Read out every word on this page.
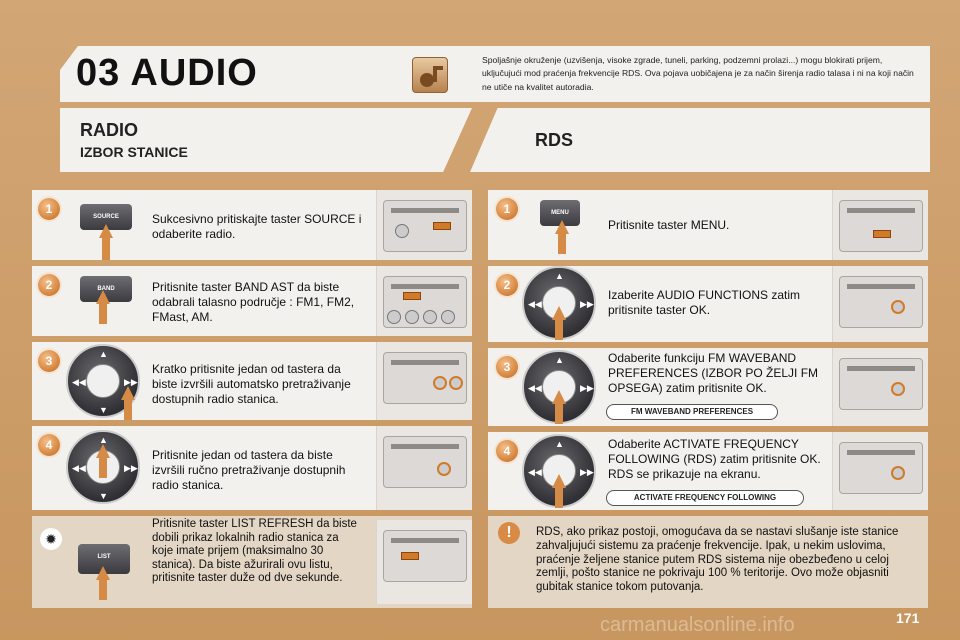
03 AUDIO	Spoljašnje okruženje (uzvišenja, visoke zgrade, tuneli, parking, podzemni prolazi...) mogu blokirati prijem, uključujući mod praćenja frekvencije RDS. Ova pojava uobičajena je za način širenja radio talasa i ni na koji način ne utiče na kvalitet autoradia.
RADIO
IZBOR STANICE
RDS
1
SOURCE	Sukcesivno pritiskajte taster SOURCE i odaberite radio.
2	BAND	Pritisnite taster BAND AST da biste odabrali talasno područje : FM1, FM2, FMast, AM.
3	▲
▼
◀◀	▶▶
Kratko pritisnite jedan od tastera da biste izvršili automatsko pretraživanje dostupnih radio stanica.
4	▲
▼
◀◀	▶▶
Pritisnite jedan od tastera da biste izvršili ručno pretraživanje dostupnih radio stanica.
✹
LIST
Pritisnite taster LIST REFRESH da biste dobili prikaz lokalnih radio stanica za koje imate prijem (maksimalno 30 stanica). Da biste ažurirali ovu listu, pritisnite taster duže od dve sekunde.
1	MENU
Pritisnite taster MENU.
2
▲
◀◀	▶▶
Izaberite AUDIO FUNCTIONS zatim pritisnite taster OK.
3	▲
◀◀	▶▶
Odaberite funkciju FM WAVEBAND PREFERENCES (IZBOR PO ŽELJI FM OPSEGA) zatim pritisnite OK.
FM WAVEBAND PREFERENCES
4	▲
◀◀	▶▶
Odaberite ACTIVATE FREQUENCY FOLLOWING (RDS) zatim pritisnite OK. RDS se prikazuje na ekranu.
ACTIVATE FREQUENCY FOLLOWING
!	RDS, ako prikaz postoji, omogućava da se nastavi slušanje iste stanice zahvaljujući sistemu za praćenje frekvencije. Ipak, u nekim uslovima, praćenje željene stanice putem RDS sistema nije obezbeđeno u celoj zemlji, pošto stanice ne pokrivaju 100 % teritorije. Ovo može objasniti gubitak stanice tokom putovanja.
carmanualsonline.info	171
